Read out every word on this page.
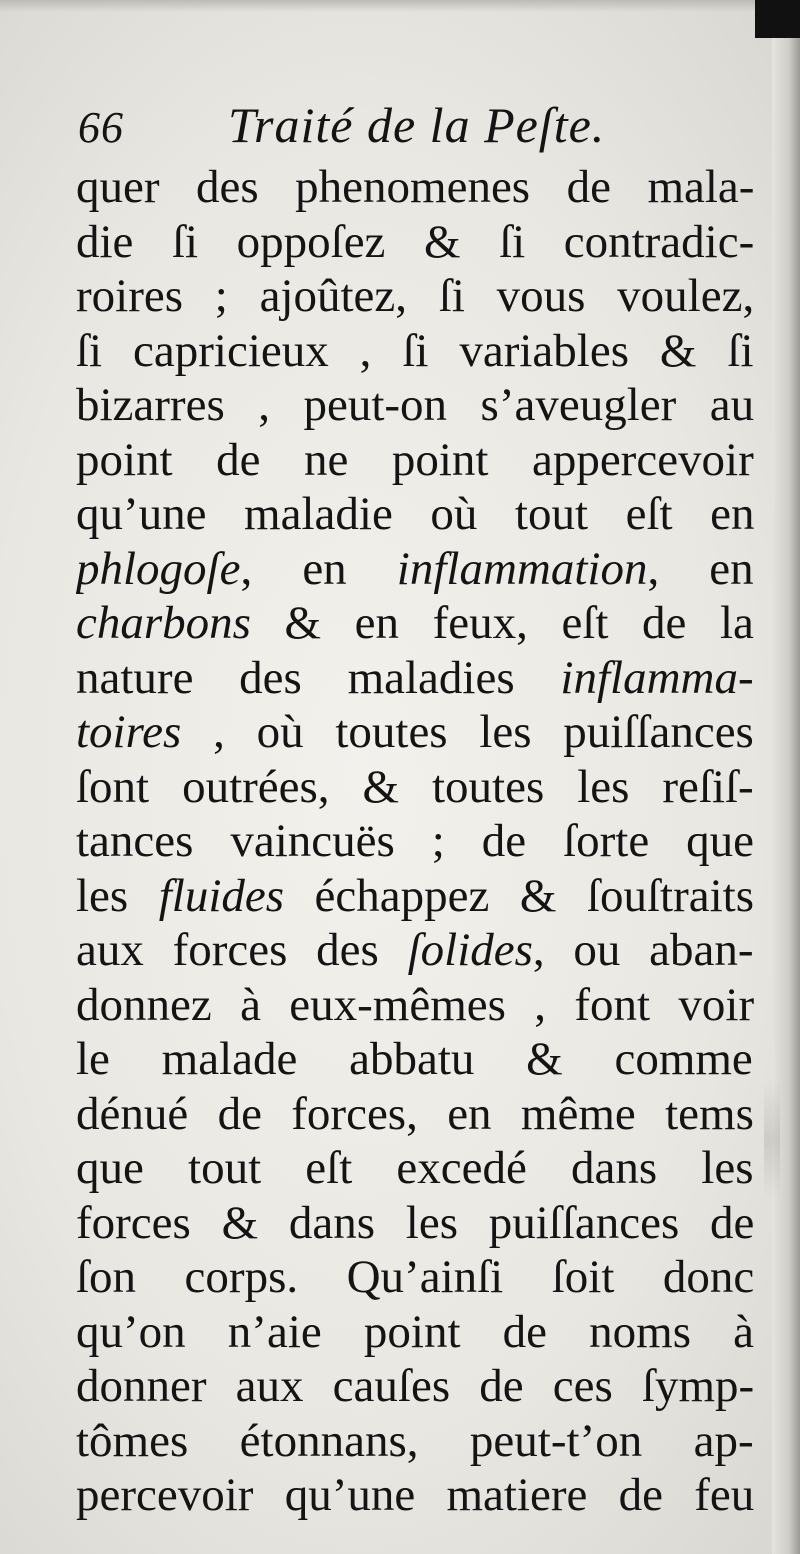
66 Traité de la Peſte.
quer des phenomenes de mala-
die ſi oppoſez & ſi contradic-
roires ; ajoûtez, ſi vous voulez,
ſi capricieux , ſi variables & ſi
bizarres , peut-on s’aveugler au
point de ne point appercevoir
qu’une maladie où tout eſt en
phlogoſe, en inflammation, en
charbons & en feux, eſt de la
nature des maladies inflamma-
toires , où toutes les puiſſances
ſont outrées, & toutes les reſiſ-
tances vaincuës ; de ſorte que
les fluides échappez & ſouſtraits
aux forces des ſolides, ou aban-
donnez à eux-mêmes , font voir
le malade abbatu & comme
dénué de forces, en même tems
que tout eſt excedé dans les
forces & dans les puiſſances de
ſon corps. Qu’ainſi ſoit donc
qu’on n’aie point de noms à
donner aux cauſes de ces ſymp-
tômes étonnans, peut-t’on ap-
percevoir qu’une matiere de feu
